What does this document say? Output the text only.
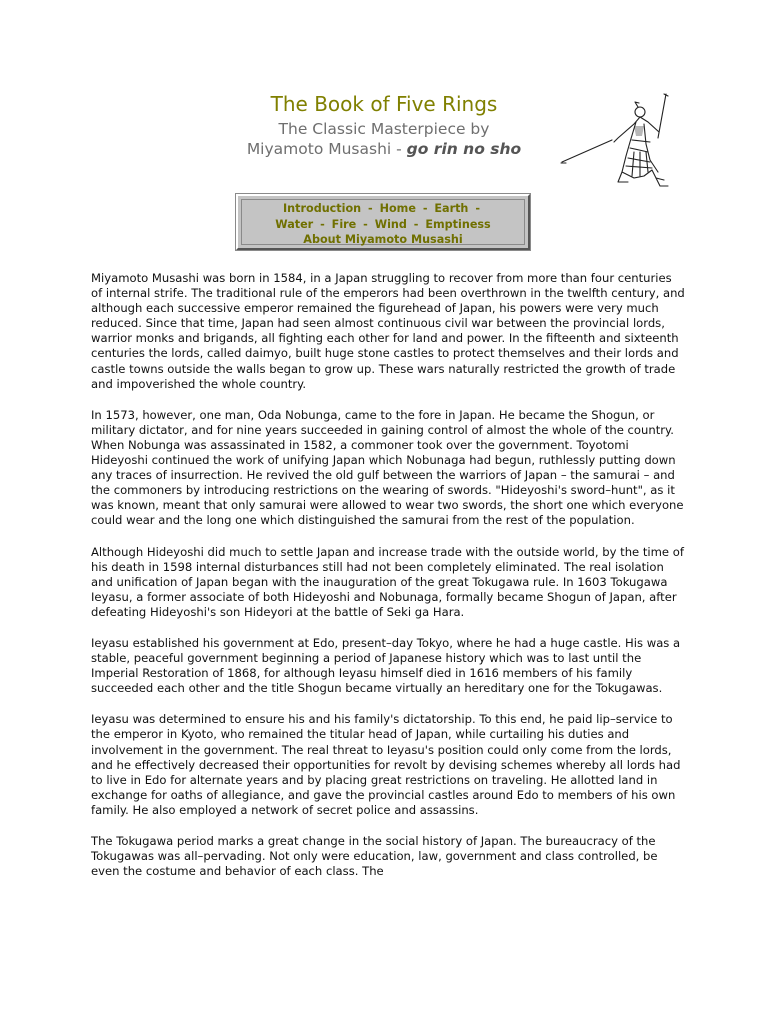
The Book of Five Rings
The Classic Masterpiece by
Miyamoto Musashi - go rin no sho
Introduction - Home - Earth -
Water - Fire - Wind - Emptiness
About Miyamoto Musashi

Miyamoto Musashi was born in 1584, in a Japan struggling to recover from more than four centuries of internal strife. The traditional rule of the emperors had been overthrown in the twelfth century, and although each successive emperor remained the figurehead of Japan, his powers were very much reduced. Since that time, Japan had seen almost continuous civil war between the provincial lords, warrior monks and brigands, all fighting each other for land and power. In the fifteenth and sixteenth centuries the lords, called daimyo, built huge stone castles to protect themselves and their lords and castle towns outside the walls began to grow up. These wars naturally restricted the growth of trade and impoverished the whole country.

In 1573, however, one man, Oda Nobunga, came to the fore in Japan. He became the Shogun, or military dictator, and for nine years succeeded in gaining control of almost the whole of the country. When Nobunga was assassinated in 1582, a commoner took over the government. Toyotomi Hideyoshi continued the work of unifying Japan which Nobunaga had begun, ruthlessly putting down any traces of insurrection. He revived the old gulf between the warriors of Japan – the samurai – and the commoners by introducing restrictions on the wearing of swords. "Hideyoshi's sword–hunt", as it was known, meant that only samurai were allowed to wear two swords, the short one which everyone could wear and the long one which distinguished the samurai from the rest of the population.

Although Hideyoshi did much to settle Japan and increase trade with the outside world, by the time of his death in 1598 internal disturbances still had not been completely eliminated. The real isolation and unification of Japan began with the inauguration of the great Tokugawa rule. In 1603 Tokugawa Ieyasu, a former associate of both Hideyoshi and Nobunaga, formally became Shogun of Japan, after defeating Hideyoshi's son Hideyori at the battle of Seki ga Hara.

Ieyasu established his government at Edo, present–day Tokyo, where he had a huge castle. His was a stable, peaceful government beginning a period of Japanese history which was to last until the Imperial Restoration of 1868, for although Ieyasu himself died in 1616 members of his family succeeded each other and the title Shogun became virtually an hereditary one for the Tokugawas.

Ieyasu was determined to ensure his and his family's dictatorship. To this end, he paid lip–service to the emperor in Kyoto, who remained the titular head of Japan, while curtailing his duties and involvement in the government. The real threat to Ieyasu's position could only come from the lords, and he effectively decreased their opportunities for revolt by devising schemes whereby all lords had to live in Edo for alternate years and by placing great restrictions on traveling. He allotted land in exchange for oaths of allegiance, and gave the provincial castles around Edo to members of his own family. He also employed a network of secret police and assassins.

The Tokugawa period marks a great change in the social history of Japan. The bureaucracy of the Tokugawas was all–pervading. Not only were education, law, government and class controlled, be even the costume and behavior of each class. The
